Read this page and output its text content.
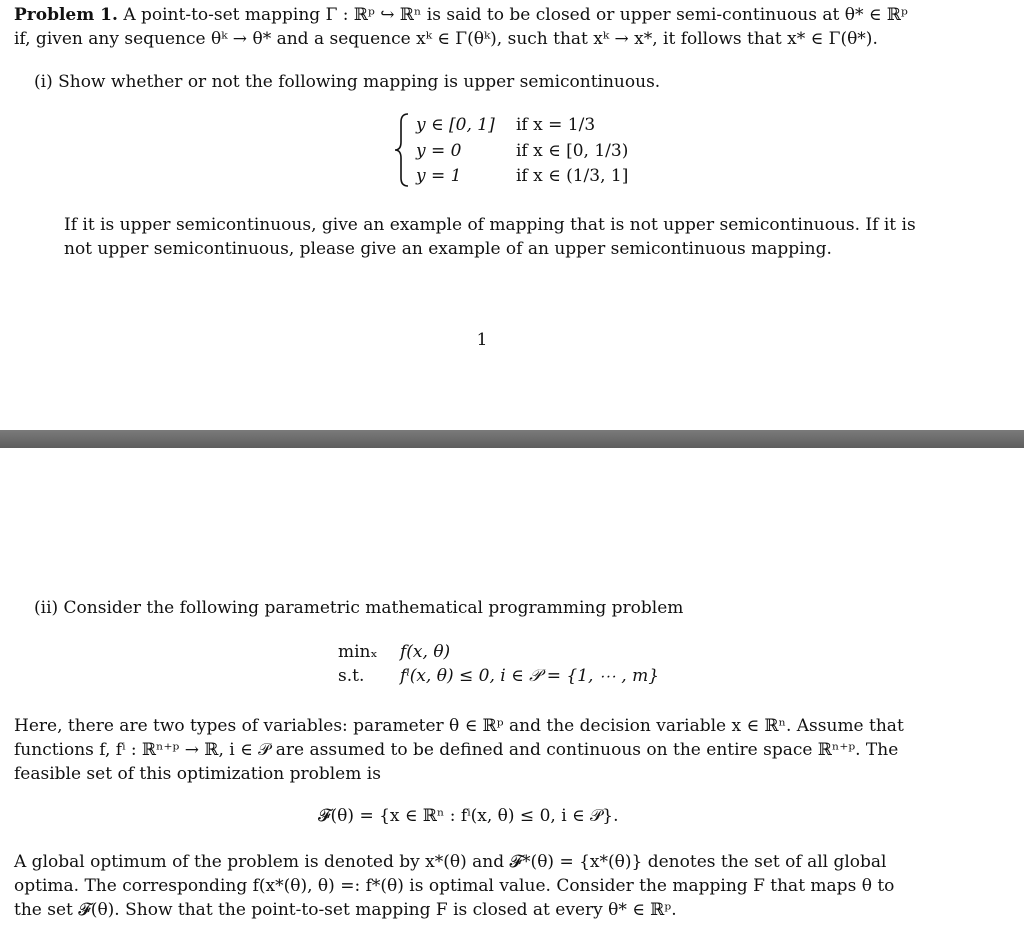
Problem 1. A point-to-set mapping Γ : ℝᵖ ↪ ℝⁿ is said to be closed or upper semi-continuous at θ* ∈ ℝᵖ
if, given any sequence θᵏ → θ* and a sequence xᵏ ∈ Γ(θᵏ), such that xᵏ → x*, it follows that x* ∈ Γ(θ*).
(i) Show whether or not the following mapping is upper semicontinuous.
y ∈ [0, 1] if x = 1/3
y = 0	if x ∈ [0, 1/3)
y = 1	if x ∈ (1/3, 1]
If it is upper semicontinuous, give an example of mapping that is not upper semicontinuous. If it is
not upper semicontinuous, please give an example of an upper semicontinuous mapping.
1
(ii) Consider the following parametric mathematical programming problem
minₓ f(x, θ)
s.t. fⁱ(x, θ) ≤ 0, i ∈ 𝒫 = {1, ⋯ , m}
Here, there are two types of variables: parameter θ ∈ ℝᵖ and the decision variable x ∈ ℝⁿ. Assume that
functions f, fⁱ : ℝⁿ⁺ᵖ → ℝ, i ∈ 𝒫 are assumed to be defined and continuous on the entire space ℝⁿ⁺ᵖ. The
feasible set of this optimization problem is
𝓕(θ) = {x ∈ ℝⁿ : fⁱ(x, θ) ≤ 0, i ∈ 𝒫}.
A global optimum of the problem is denoted by x*(θ) and 𝓕*(θ) = {x*(θ)} denotes the set of all global
optima. The corresponding f(x*(θ), θ) =: f*(θ) is optimal value. Consider the mapping F that maps θ to
the set 𝓕(θ). Show that the point-to-set mapping F is closed at every θ* ∈ ℝᵖ.
